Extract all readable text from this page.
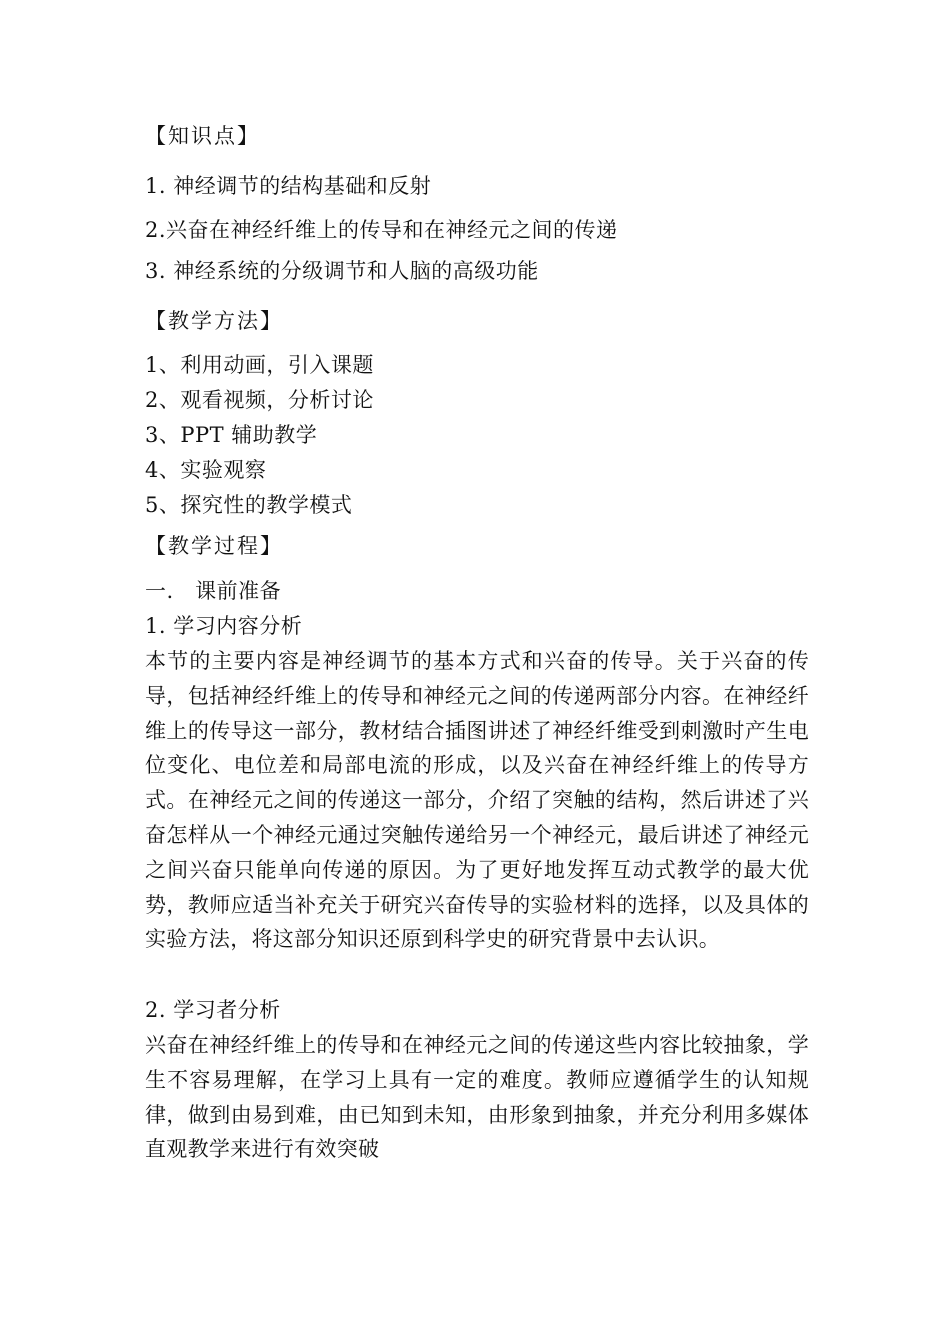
【知识点】
1. 神经调节的结构基础和反射
2.兴奋在神经纤维上的传导和在神经元之间的传递
3. 神经系统的分级调节和人脑的高级功能
【教学方法】
1、利用动画，引入课题
2、观看视频，分析讨论
3、PPT 辅助教学
4、实验观察
5、探究性的教学模式
【教学过程】
一.　课前准备
1. 学习内容分析
本节的主要内容是神经调节的基本方式和兴奋的传导。关于兴奋的传导，包括神经纤维上的传导和神经元之间的传递两部分内容。在神经纤维上的传导这一部分，教材结合插图讲述了神经纤维受到刺激时产生电位变化、电位差和局部电流的形成，以及兴奋在神经纤维上的传导方式。在神经元之间的传递这一部分，介绍了突触的结构，然后讲述了兴奋怎样从一个神经元通过突触传递给另一个神经元，最后讲述了神经元之间兴奋只能单向传递的原因。为了更好地发挥互动式教学的最大优势，教师应适当补充关于研究兴奋传导的实验材料的选择，以及具体的实验方法，将这部分知识还原到科学史的研究背景中去认识。
2. 学习者分析
兴奋在神经纤维上的传导和在神经元之间的传递这些内容比较抽象，学生不容易理解，在学习上具有一定的难度。教师应遵循学生的认知规律，做到由易到难，由已知到未知，由形象到抽象，并充分利用多媒体直观教学来进行有效突破
